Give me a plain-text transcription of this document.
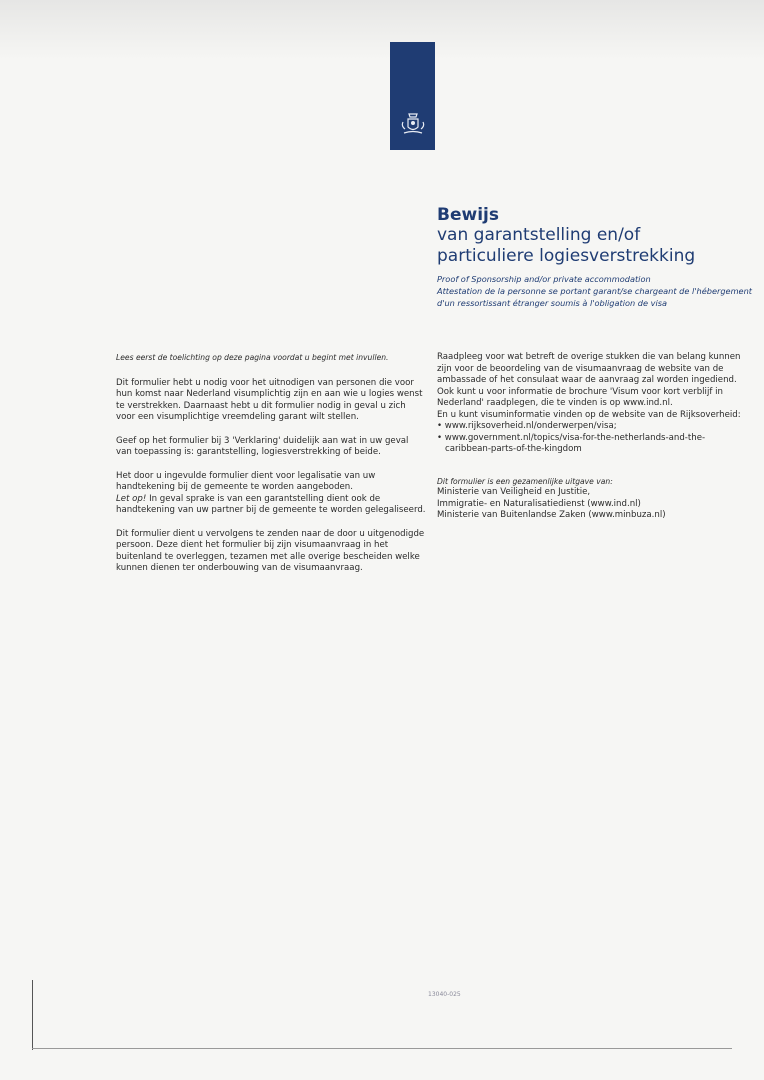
Bewijs
van garantstelling en/of
particuliere logiesverstrekking
Proof of Sponsorship and/or private accommodation
Attestation de la personne se portant garant/se chargeant de l'hébergement
d'un ressortissant étranger soumis à l'obligation de visa
Lees eerst de toelichting op deze pagina voordat u begint met invullen.
Dit formulier hebt u nodig voor het uitnodigen van personen die voor hun komst naar Nederland visumplichtig zijn en aan wie u logies wenst te verstrekken. Daarnaast hebt u dit formulier nodig in geval u zich voor een visumplichtige vreemdeling garant wilt stellen.
Geef op het formulier bij 3 'Verklaring' duidelijk aan wat in uw geval van toepassing is: garantstelling, logiesverstrekking of beide.
Het door u ingevulde formulier dient voor legalisatie van uw handtekening bij de gemeente te worden aangeboden.
Let op! In geval sprake is van een garantstelling dient ook de handtekening van uw partner bij de gemeente te worden gelegaliseerd.
Dit formulier dient u vervolgens te zenden naar de door u uitgenodigde persoon. Deze dient het formulier bij zijn visumaanvraag in het buitenland te overleggen, tezamen met alle overige bescheiden welke kunnen dienen ter onderbouwing van de visumaanvraag.
Raadpleeg voor wat betreft de overige stukken die van belang kunnen zijn voor de beoordeling van de visumaanvraag de website van de ambassade of het consulaat waar de aanvraag zal worden ingediend. Ook kunt u voor informatie de brochure 'Visum voor kort verblijf in Nederland' raadplegen, die te vinden is op www.ind.nl.
En u kunt visuminformatie vinden op de website van de Rijksoverheid:
• www.rijksoverheid.nl/onderwerpen/visa;
• www.government.nl/topics/visa-for-the-netherlands-and-the-caribbean-parts-of-the-kingdom
Dit formulier is een gezamenlijke uitgave van:
Ministerie van Veiligheid en Justitie,
Immigratie- en Naturalisatiedienst (www.ind.nl)
Ministerie van Buitenlandse Zaken (www.minbuza.nl)
13040-025
